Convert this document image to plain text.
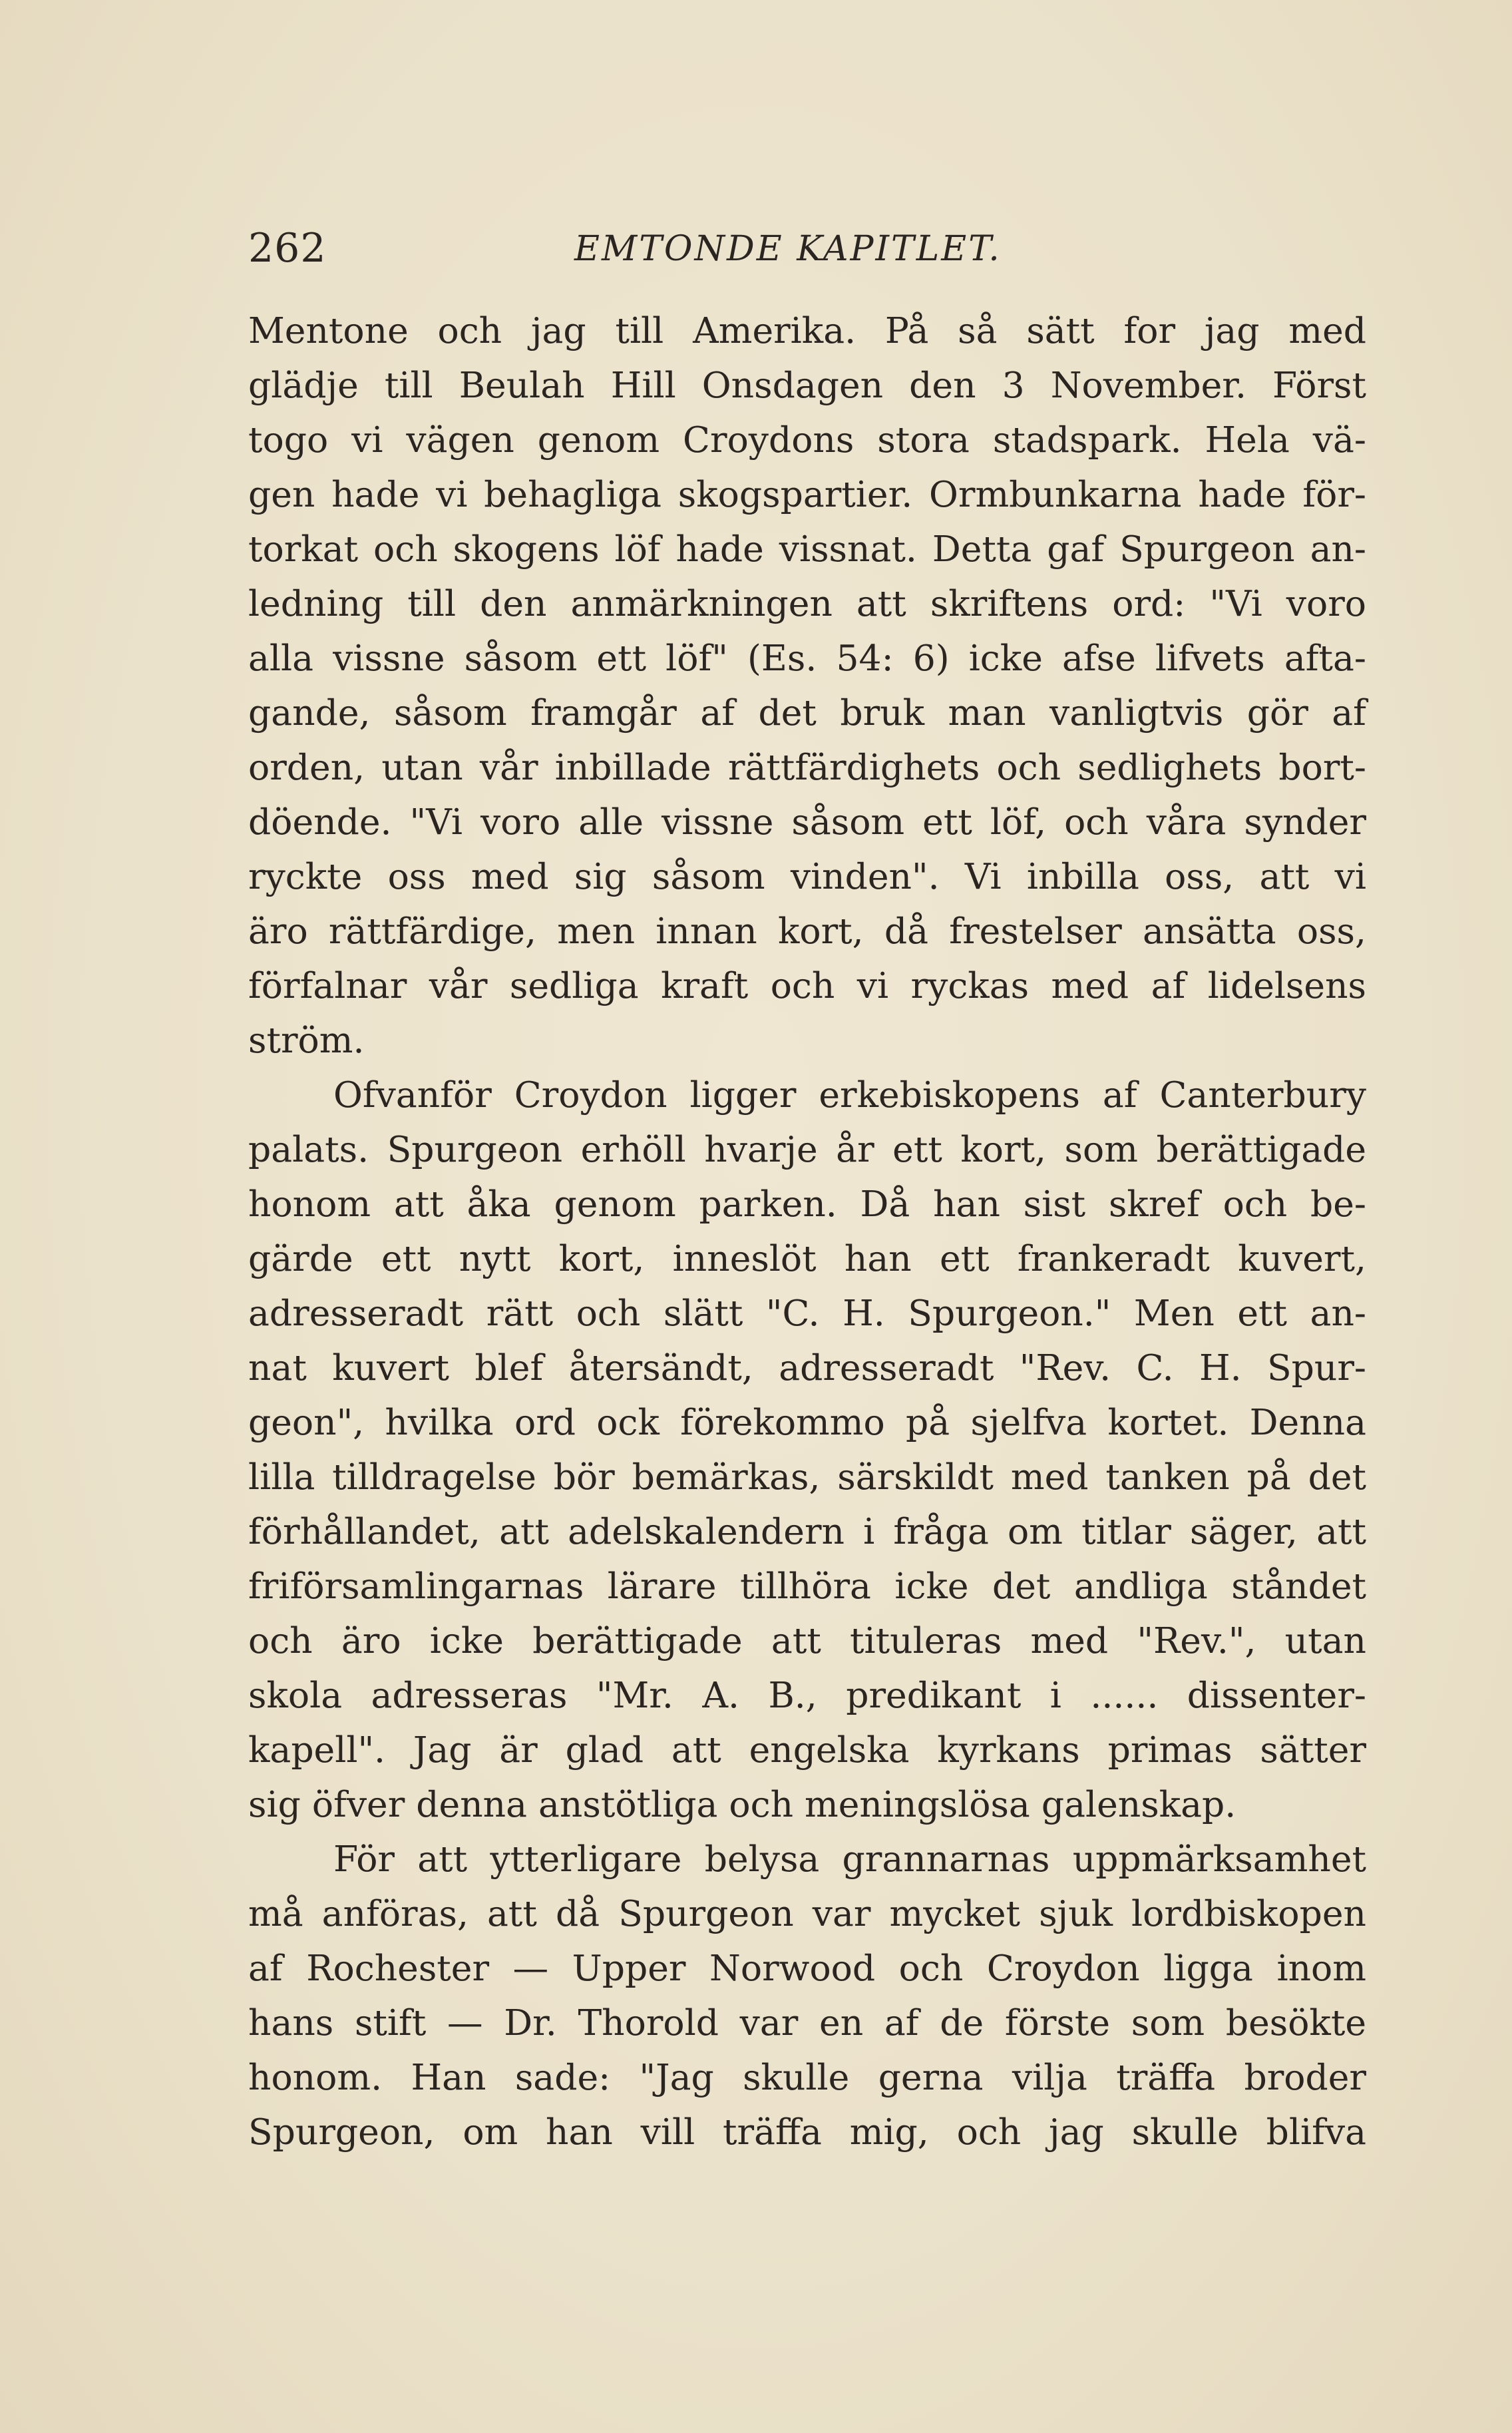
262	EMTONDE KAPITLET.
Mentone och jag till Amerika. På så sätt for jag med
glädje till Beulah Hill Onsdagen den 3 November. Först
togo vi vägen genom Croydons stora stadspark. Hela vä-
gen hade vi behagliga skogspartier. Ormbunkarna hade för-
torkat och skogens löf hade vissnat. Detta gaf Spurgeon an-
ledning till den anmärkningen att skriftens ord: "Vi voro
alla vissne såsom ett löf" (Es. 54: 6) icke afse lifvets afta-
gande, såsom framgår af det bruk man vanligtvis gör af
orden, utan vår inbillade rättfärdighets och sedlighets bort-
döende. "Vi voro alle vissne såsom ett löf, och våra synder
ryckte oss med sig såsom vinden". Vi inbilla oss, att vi
äro rättfärdige, men innan kort, då frestelser ansätta oss,
förfalnar vår sedliga kraft och vi ryckas med af lidelsens
ström.
Ofvanför Croydon ligger erkebiskopens af Canterbury
palats. Spurgeon erhöll hvarje år ett kort, som berättigade
honom att åka genom parken. Då han sist skref och be-
gärde ett nytt kort, inneslöt han ett frankeradt kuvert,
adresseradt rätt och slätt "C. H. Spurgeon." Men ett an-
nat kuvert blef återsändt, adresseradt "Rev. C. H. Spur-
geon", hvilka ord ock förekommo på sjelfva kortet. Denna
lilla tilldragelse bör bemärkas, särskildt med tanken på det
förhållandet, att adelskalendern i fråga om titlar säger, att
friförsamlingarnas lärare tillhöra icke det andliga ståndet
och äro icke berättigade att tituleras med "Rev.", utan
skola adresseras "Mr. A. B., predikant i ...... dissenter-
kapell". Jag är glad att engelska kyrkans primas sätter
sig öfver denna anstötliga och meningslösa galenskap.
För att ytterligare belysa grannarnas uppmärksamhet
må anföras, att då Spurgeon var mycket sjuk lordbiskopen
af Rochester — Upper Norwood och Croydon ligga inom
hans stift — Dr. Thorold var en af de förste som besökte
honom. Han sade: "Jag skulle gerna vilja träffa broder
Spurgeon, om han vill träffa mig, och jag skulle blifva
